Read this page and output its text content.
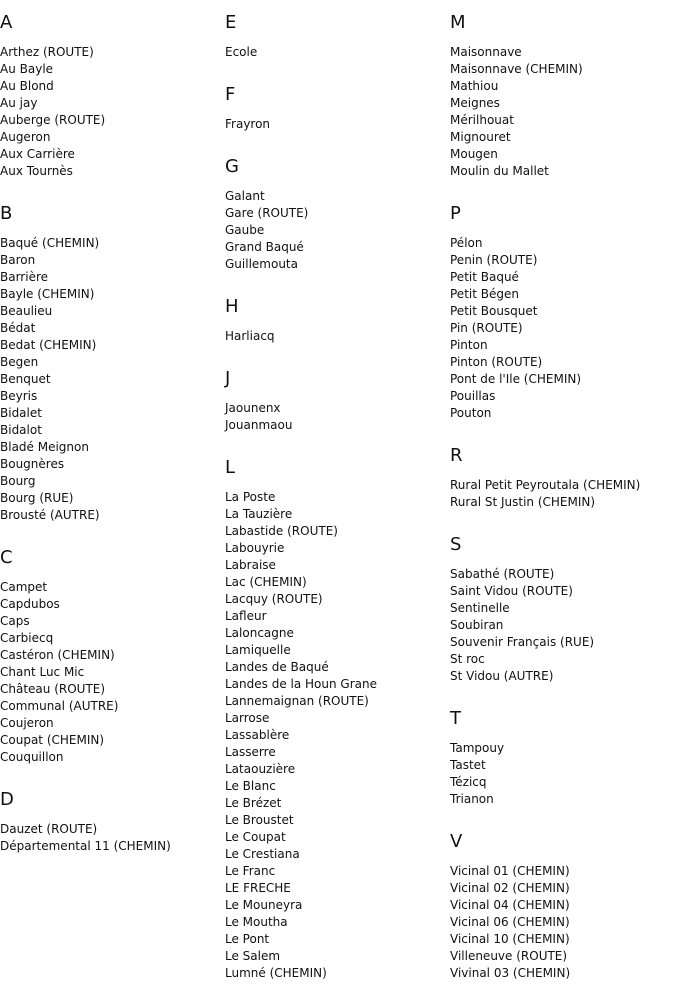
A
Arthez (ROUTE)
Au Bayle
Au Blond
Au jay
Auberge (ROUTE)
Augeron
Aux Carrière
Aux Tournès
B
Baqué (CHEMIN)
Baron
Barrière
Bayle (CHEMIN)
Beaulieu
Bédat
Bedat (CHEMIN)
Begen
Benquet
Beyris
Bidalet
Bidalot
Bladé Meignon
Bougnères
Bourg
Bourg (RUE)
Brousté (AUTRE)
C
Campet
Capdubos
Caps
Carbiecq
Castéron (CHEMIN)
Chant Luc Mic
Château (ROUTE)
Communal (AUTRE)
Coujeron
Coupat (CHEMIN)
Couquillon
D
Dauzet (ROUTE)
Départemental 11 (CHEMIN)
E
Ecole
F
Frayron
G
Galant
Gare (ROUTE)
Gaube
Grand Baqué
Guillemouta
H
Harliacq
J
Jaounenx
Jouanmaou
L
La Poste
La Tauzière
Labastide (ROUTE)
Labouyrie
Labraise
Lac (CHEMIN)
Lacquy (ROUTE)
Lafleur
Laloncagne
Lamiquelle
Landes de Baqué
Landes de la Houn Grane
Lannemaignan (ROUTE)
Larrose
Lassablère
Lasserre
Lataouzière
Le Blanc
Le Brézet
Le Broustet
Le Coupat
Le Crestiana
Le Franc
LE FRECHE
Le Mouneyra
Le Moutha
Le Pont
Le Salem
Lumné (CHEMIN)
M
Maisonnave
Maisonnave (CHEMIN)
Mathiou
Meignes
Mérilhouat
Mignouret
Mougen
Moulin du Mallet
P
Pélon
Penin (ROUTE)
Petit Baqué
Petit Bégen
Petit Bousquet
Pin (ROUTE)
Pinton
Pinton (ROUTE)
Pont de l'Ile (CHEMIN)
Pouillas
Pouton
R
Rural Petit Peyroutala (CHEMIN)
Rural St Justin (CHEMIN)
S
Sabathé (ROUTE)
Saint Vidou (ROUTE)
Sentinelle
Soubiran
Souvenir Français (RUE)
St roc
St Vidou (AUTRE)
T
Tampouy
Tastet
Tézicq
Trianon
V
Vicinal 01 (CHEMIN)
Vicinal 02 (CHEMIN)
Vicinal 04 (CHEMIN)
Vicinal 06 (CHEMIN)
Vicinal 10 (CHEMIN)
Villeneuve (ROUTE)
Vivinal 03 (CHEMIN)
